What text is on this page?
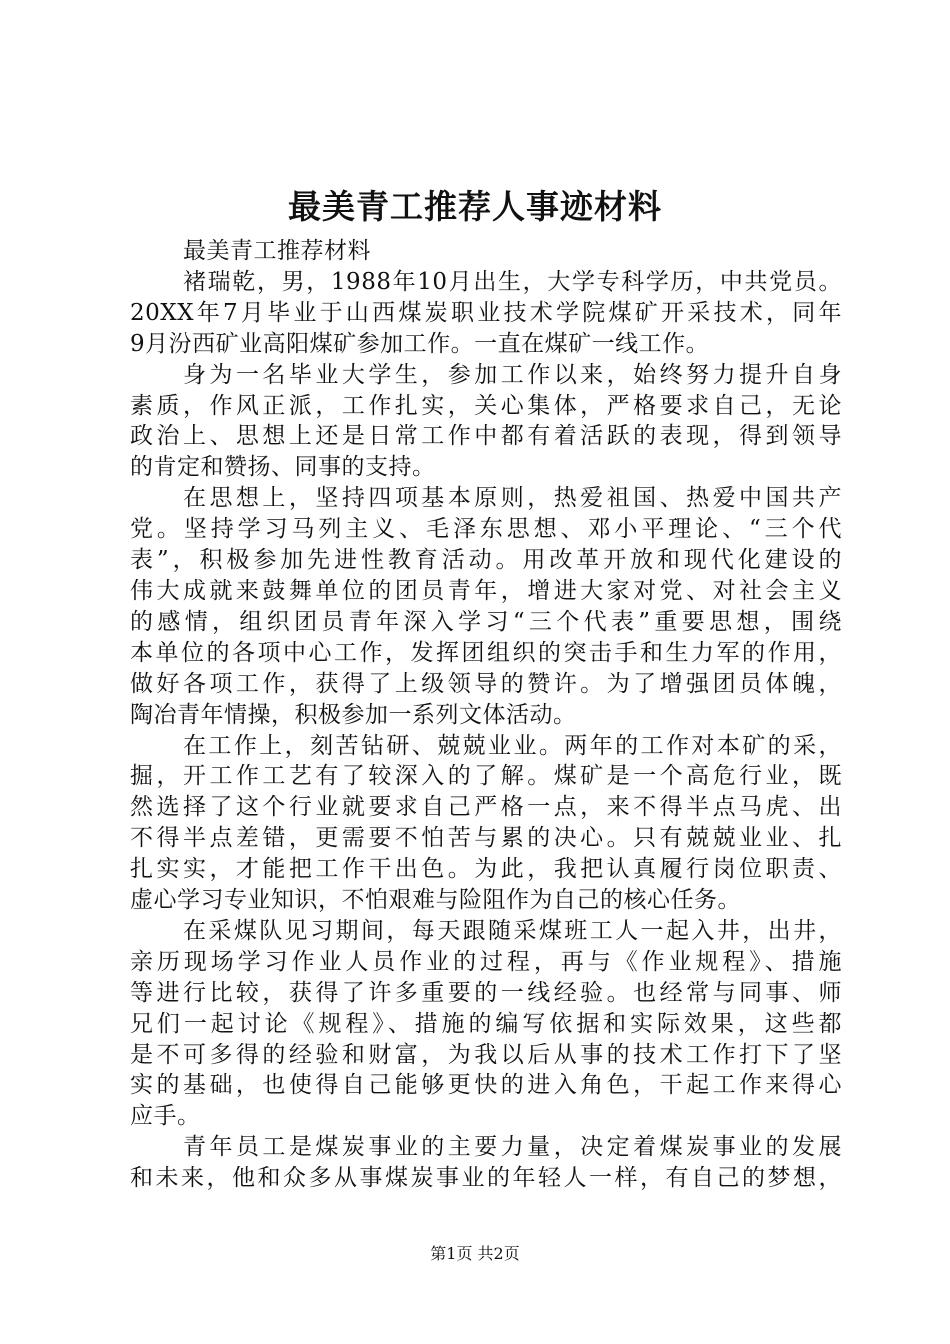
最美青工推荐人事迹材料

最美青工推荐材料

褚瑞乾，男，1988年10月出生，大学专科学历，中共党员。
20XX年7月毕业于山西煤炭职业技术学院煤矿开采技术，同年
9月汾西矿业高阳煤矿参加工作。一直在煤矿一线工作。

身为一名毕业大学生，参加工作以来，始终努力提升自身
素质，作风正派，工作扎实，关心集体，严格要求自己，无论
政治上、思想上还是日常工作中都有着活跃的表现，得到领导
的肯定和赞扬、同事的支持。

在思想上，坚持四项基本原则，热爱祖国、热爱中国共产
党。坚持学习马列主义、毛泽东思想、邓小平理论、“三个代
表”，积极参加先进性教育活动。用改革开放和现代化建设的
伟大成就来鼓舞单位的团员青年，增进大家对党、对社会主义
的感情，组织团员青年深入学习“三个代表”重要思想，围绕
本单位的各项中心工作，发挥团组织的突击手和生力军的作用，
做好各项工作，获得了上级领导的赞许。为了增强团员体魄，
陶冶青年情操，积极参加一系列文体活动。

在工作上，刻苦钻研、兢兢业业。两年的工作对本矿的采，
掘，开工作工艺有了较深入的了解。煤矿是一个高危行业，既
然选择了这个行业就要求自己严格一点，来不得半点马虎、出
不得半点差错，更需要不怕苦与累的决心。只有兢兢业业、扎
扎实实，才能把工作干出色。为此，我把认真履行岗位职责、
虚心学习专业知识，不怕艰难与险阻作为自己的核心任务。

在采煤队见习期间，每天跟随采煤班工人一起入井，出井，
亲历现场学习作业人员作业的过程，再与《作业规程》、措施
等进行比较，获得了许多重要的一线经验。也经常与同事、师
兄们一起讨论《规程》、措施的编写依据和实际效果，这些都
是不可多得的经验和财富，为我以后从事的技术工作打下了坚
实的基础，也使得自己能够更快的进入角色，干起工作来得心
应手。

青年员工是煤炭事业的主要力量，决定着煤炭事业的发展
和未来，他和众多从事煤炭事业的年轻人一样，有自己的梦想，

第1页 共2页
